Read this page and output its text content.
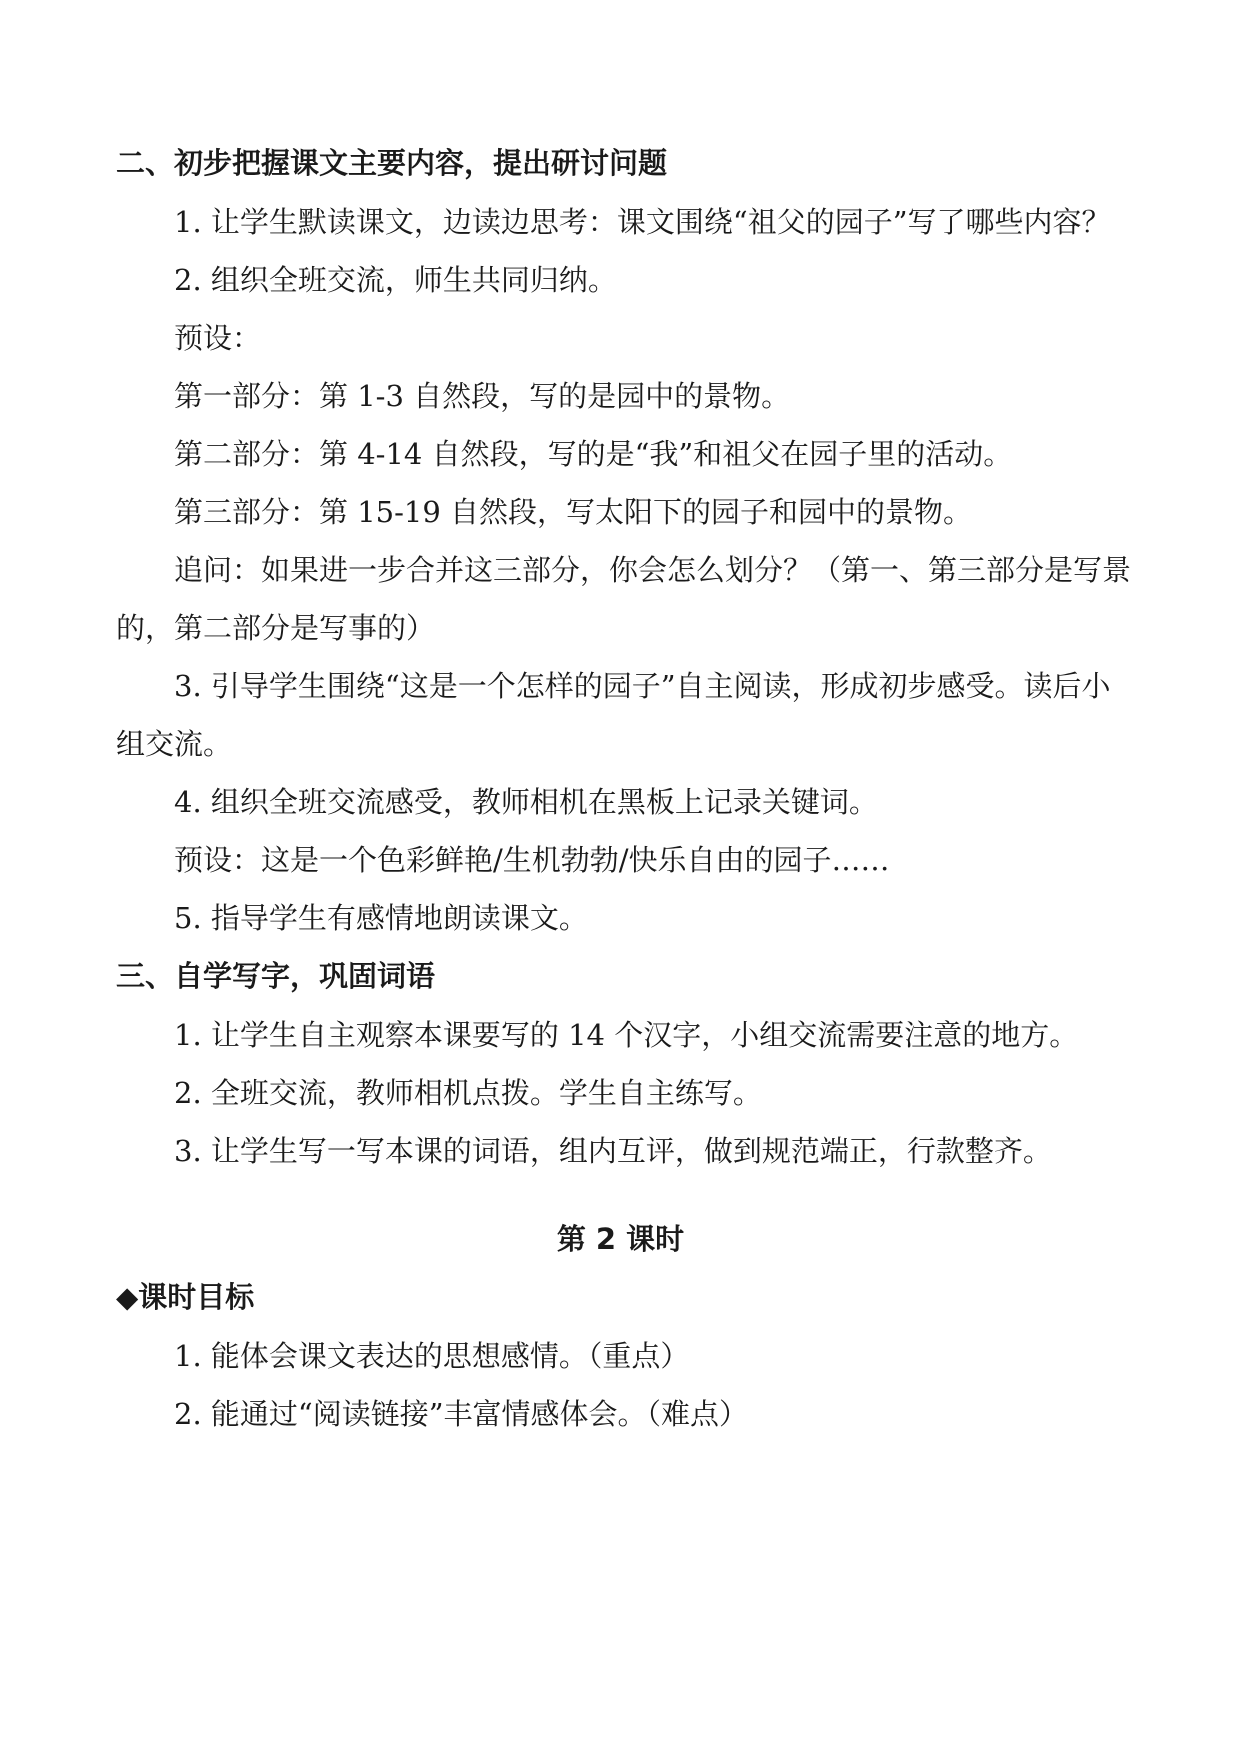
二、初步把握课文主要内容，提出研讨问题
1. 让学生默读课文，边读边思考：课文围绕“祖父的园子”写了哪些内容？
2. 组织全班交流，师生共同归纳。
预设：
第一部分：第 1-3 自然段，写的是园中的景物。
第二部分：第 4-14 自然段，写的是“我”和祖父在园子里的活动。
第三部分：第 15-19 自然段，写太阳下的园子和园中的景物。
追问：如果进一步合并这三部分，你会怎么划分？（第一、第三部分是写景
的，第二部分是写事的）
3. 引导学生围绕“这是一个怎样的园子”自主阅读，形成初步感受。读后小
组交流。
4. 组织全班交流感受，教师相机在黑板上记录关键词。
预设：这是一个色彩鲜艳/生机勃勃/快乐自由的园子……
5. 指导学生有感情地朗读课文。
三、自学写字，巩固词语
1. 让学生自主观察本课要写的 14 个汉字，小组交流需要注意的地方。
2. 全班交流，教师相机点拨。学生自主练写。
3. 让学生写一写本课的词语，组内互评，做到规范端正，行款整齐。
第 2 课时
◆课时目标
1. 能体会课文表达的思想感情。（重点）
2. 能通过“阅读链接”丰富情感体会。（难点）
